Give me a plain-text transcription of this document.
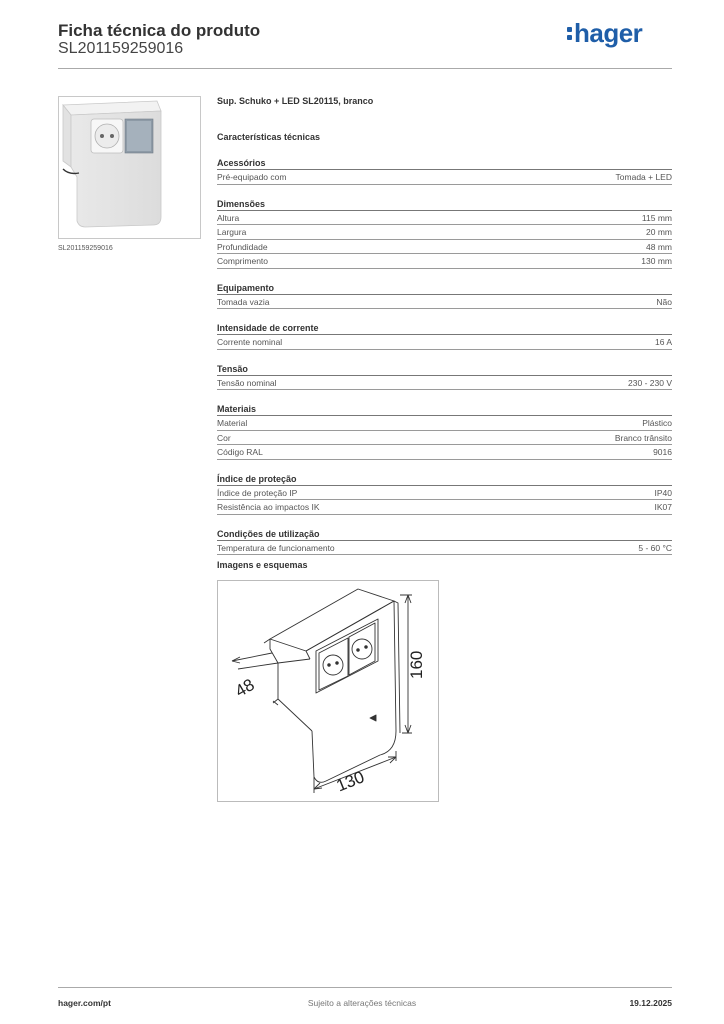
Ficha técnica do produto
SL201159259016
hager
SL201159259016
Sup. Schuko + LED SL20115, branco
Características técnicas
Acessórios
Pré-equipado com	Tomada + LED
Dimensões
Altura	115 mm
Largura	20 mm
Profundidade	48 mm
Comprimento	130 mm
Equipamento
Tomada vazia	Não
Intensidade de corrente
Corrente nominal	16 A
Tensão
Tensão nominal	230 - 230 V
Materiais
Material	Plástico
Cor	Branco trânsito
Código RAL	9016
Índice de proteção
Índice de proteção IP	IP40
Resistência ao impactos IK	IK07
Condições de utilização
Temperatura de funcionamento	5 - 60 °C
Imagens e esquemas
48
160
130
hager.com/pt	Sujeito a alterações técnicas	19.12.2025
